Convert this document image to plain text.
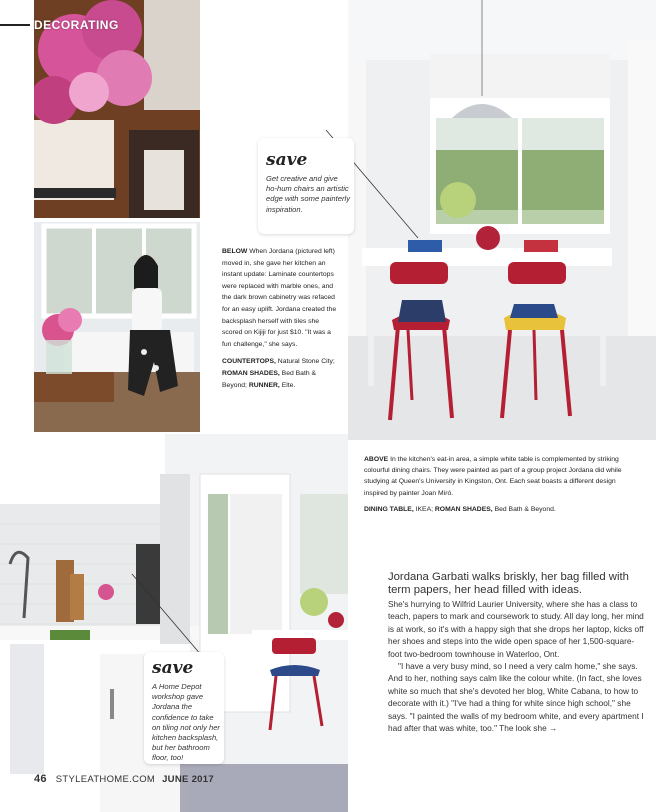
DECORATING
save
Get creative and give ho-hum chairs an artistic edge with some painterly inspiration.
BELOW When Jordana (pictured left) moved in, she gave her kitchen an instant update: Laminate countertops were replaced with marble ones, and the dark brown cabinetry was refaced for an easy uplift. Jordana created the backsplash herself with tiles she scored on Kijiji for just $10. "It was a fun challenge," she says.
COUNTERTOPS, Natural Stone City; ROMAN SHADES, Bed Bath & Beyond; RUNNER, Elte.
ABOVE In the kitchen's eat-in area, a simple white table is complemented by striking colourful dining chairs. They were painted as part of a group project Jordana did while studying at Queen's University in Kingston, Ont. Each seat boasts a different design inspired by painter Joan Miró.
DINING TABLE, IKEA; ROMAN SHADES, Bed Bath & Beyond.
save
A Home Depot workshop gave Jordana the confidence to take on tiling not only her kitchen backsplash, but her bathroom floor, too!
Jordana Garbati walks briskly, her bag filled with term papers, her head filled with ideas.
She's hurrying to Wilfrid Laurier University, where she has a class to teach, papers to mark and coursework to study. All day long, her mind is at work, so it's with a happy sigh that she drops her laptop, kicks off her shoes and steps into the wide open space of her 1,500-square-foot two-bedroom townhouse in Waterloo, Ont.
"I have a very busy mind, so I need a very calm home," she says. And to her, nothing says calm like the colour white. (In fact, she loves white so much that she's devoted her blog, White Cabana, to how to decorate with it.) "I've had a thing for white since high school," she says. "I painted the walls of my bedroom white, and every apartment I had after that was white, too." The look she →
46 STYLEATHOME.COM JUNE 2017
